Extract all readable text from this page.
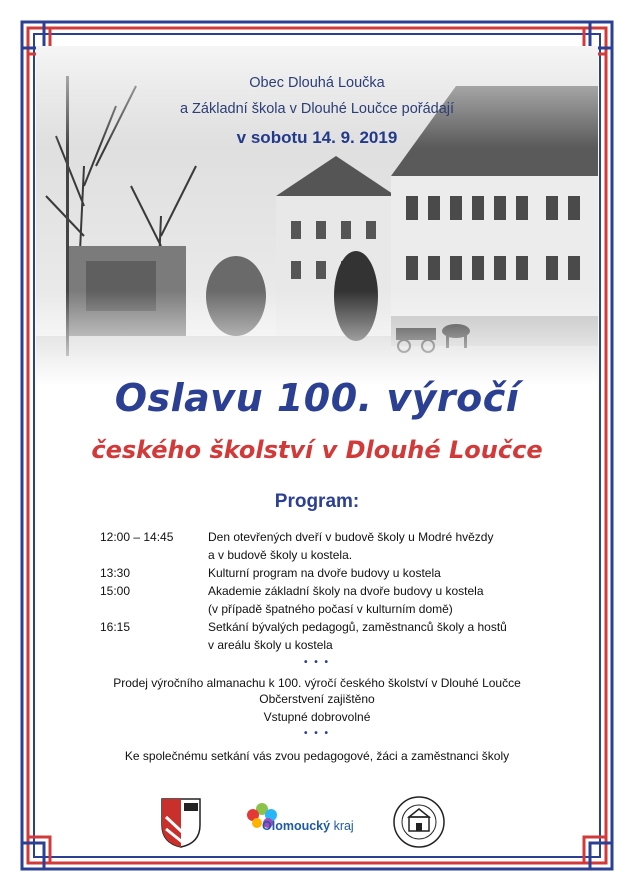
Obec Dlouhá Loučka
a Základní škola v Dlouhé Loučce pořádají
v sobotu 14. 9. 2019
Oslavu 100. výročí
českého školství v Dlouhé Loučce
Program:
12:00 – 14:45	Den otevřených dveří v budově školy u Modré hvězdy
a v budově školy u kostela.
13:30	Kulturní program na dvoře budovy u kostela
15:00	Akademie základní školy na dvoře budovy u kostela
(v případě špatného počasí v kulturním domě)
16:15	Setkání bývalých pedagogů, zaměstnanců školy a hostů
v areálu školy u kostela
• • •
Prodej výročního almanachu k 100. výročí českého školství v Dlouhé Loučce
Občerstvení zajištěno
Vstupné dobrovolné
• • •
Ke společnému setkání vás zvou pedagogové, žáci a zaměstnanci školy
Olomoucký kraj
